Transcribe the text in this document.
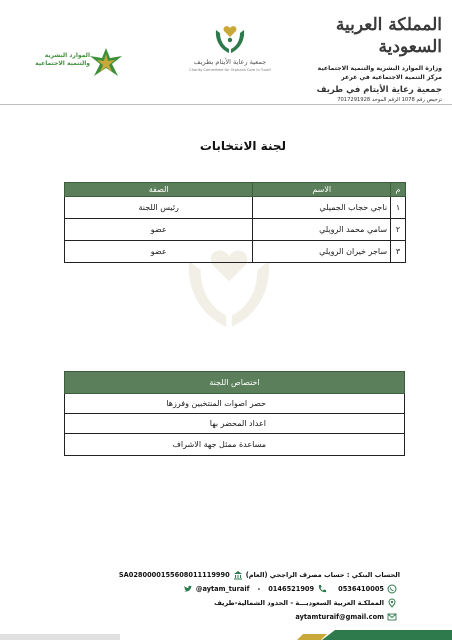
المملكة العربية السعودية
وزارة الموارد البشرية والتنمية الاجتماعية
مركز التنمية الاجتماعية في عرعر
جمعية رعاية الأيتام في طريف
ترخيص رقم 1078 الرقم الموحد 7017291928
جمعية رعاية الأيتام بطريف
Charity Committee for Orphans Care In Turaif
الموارد البشرية
والتنمية الاجتماعية
لجنة الانتخابات
م	الاسم	الصفة
١	ناجي حجاب الجميلي	رئيس اللجنة
٢	سامي محمد الرويلي	عضو
٣	ساجر خيران الرويلي	عضو
اختصاص اللجنة
حصر اصوات المنتخبين وفرزها
اعداد المحضر بها
مساعدة ممثل جهة الاشراف
الحساب البنكي : حساب مصرف الراجحي (العام)
SA0280000155608011119990
0536410005
0146521909
-
@aytam_turaif
المملكـة العربية السعوديـــة - الحدود الشمالية-طريف
aytamturaif@gmail.com
